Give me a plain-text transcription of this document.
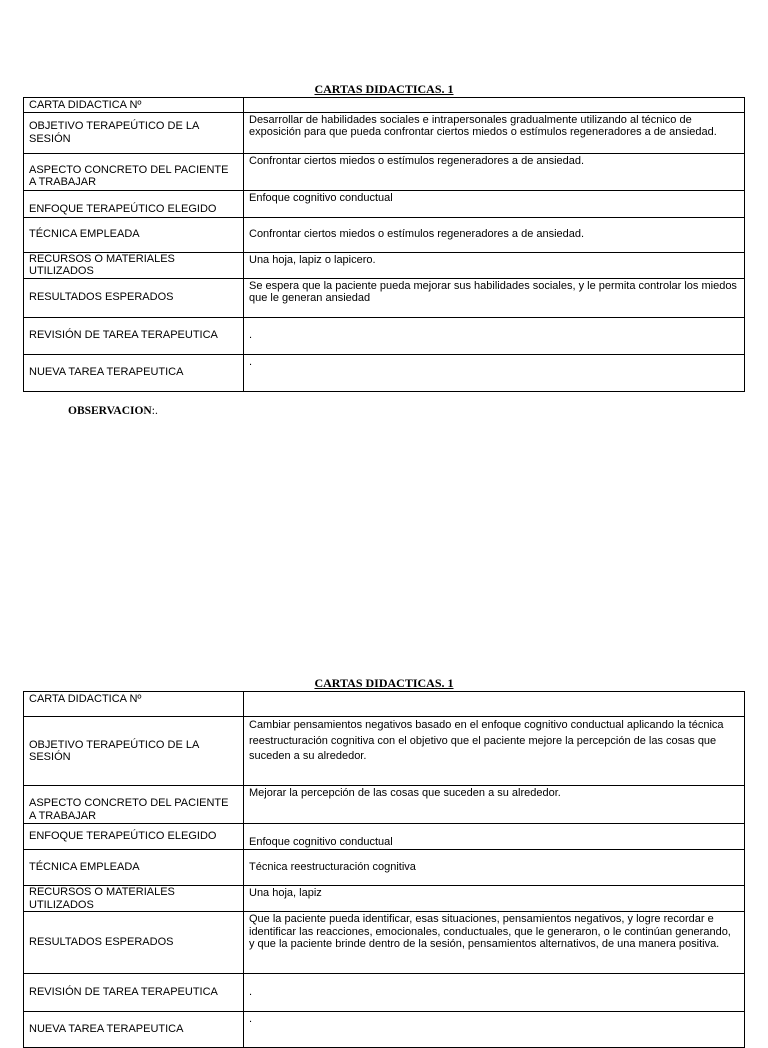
CARTAS DIDACTICAS. 1
CARTA DIDACTICA Nº	
OBJETIVO TERAPEÚTICO DE LA SESIÓN	Desarrollar de habilidades sociales e intrapersonales gradualmente utilizando al técnico de exposición para que pueda confrontar ciertos miedos o estímulos regeneradores a de ansiedad.
ASPECTO CONCRETO DEL PACIENTE A TRABAJAR	Confrontar ciertos miedos o estímulos regeneradores a de ansiedad.
ENFOQUE TERAPEÚTICO ELEGIDO	Enfoque cognitivo conductual
TÉCNICA EMPLEADA	Confrontar ciertos miedos o estímulos regeneradores a de ansiedad.
RECURSOS O MATERIALES UTILIZADOS	Una hoja, lapiz o lapicero.
RESULTADOS ESPERADOS	Se espera que la paciente pueda mejorar sus habilidades sociales, y le permita controlar los miedos que le generan ansiedad
REVISIÓN DE TAREA TERAPEUTICA	.
NUEVA TAREA TERAPEUTICA	.
OBSERVACION:.
CARTAS DIDACTICAS. 1
CARTA DIDACTICA Nº	
OBJETIVO TERAPEÚTICO DE LA SESIÓN	Cambiar pensamientos negativos basado en el enfoque cognitivo conductual aplicando la técnica reestructuración cognitiva con el objetivo que el paciente mejore la percepción de las cosas que suceden a su alrededor.
ASPECTO CONCRETO DEL PACIENTE A TRABAJAR	Mejorar la percepción de las cosas que suceden a su alrededor.
ENFOQUE TERAPEÚTICO ELEGIDO	Enfoque cognitivo conductual
TÉCNICA EMPLEADA	Técnica reestructuración cognitiva
RECURSOS O MATERIALES UTILIZADOS	Una hoja, lapiz
RESULTADOS ESPERADOS	Que la paciente pueda identificar, esas situaciones, pensamientos negativos, y logre recordar e identificar las reacciones, emocionales, conductuales, que le generaron, o le continúan generando, y que la paciente brinde dentro de la sesión, pensamientos alternativos, de una manera positiva.
REVISIÓN DE TAREA TERAPEUTICA	.
NUEVA TAREA TERAPEUTICA	.
